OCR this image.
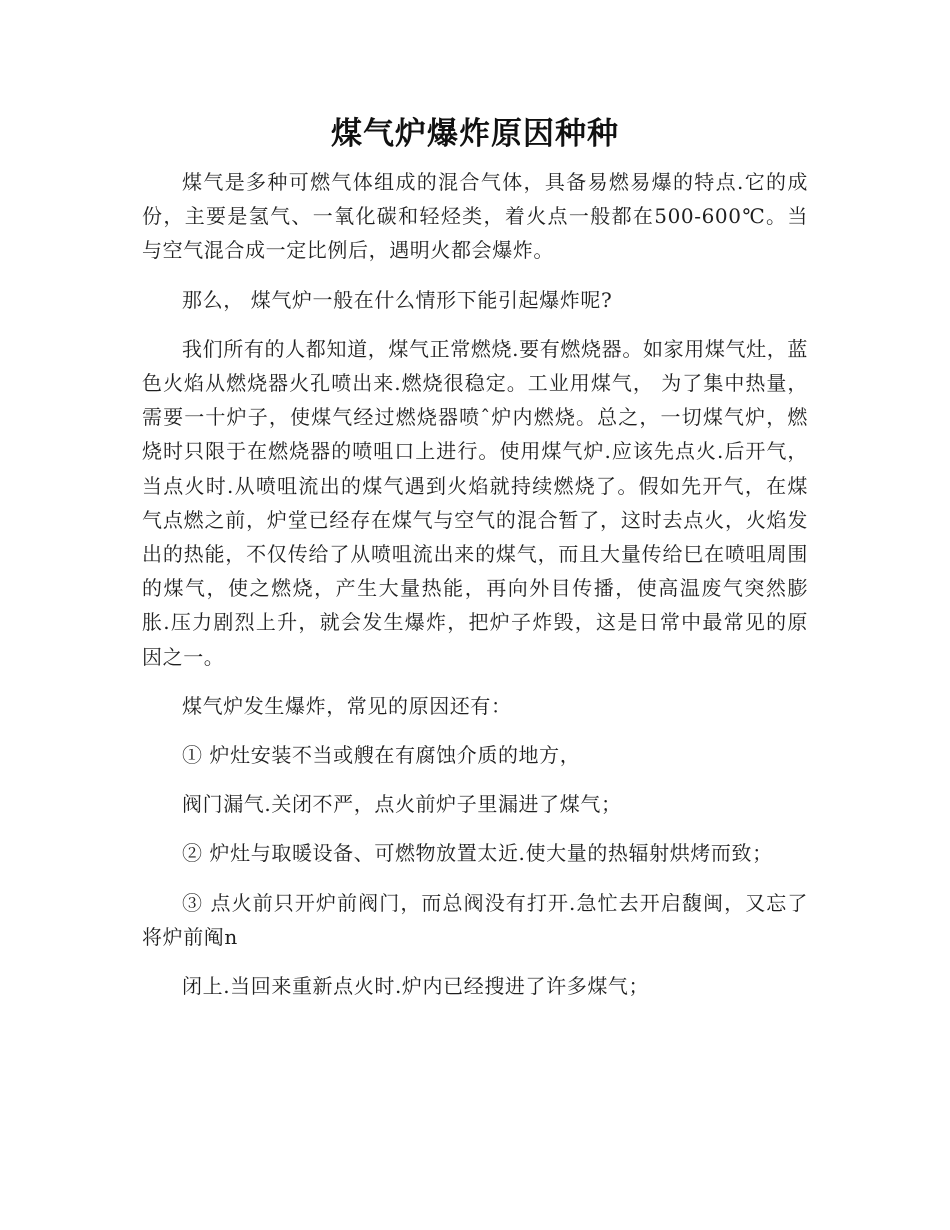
煤气炉爆炸原因种种

煤气是多种可燃气体组成的混合气体，具备易燃易爆的特点.它的成份，主要是氢气、一氧化碳和轻烃类，着火点一般都在500-600℃。当与空气混合成一定比例后，遇明火都会爆炸。

那么， 煤气炉一般在什么情形下能引起爆炸呢?

我们所有的人都知道，煤气正常燃烧.要有燃烧器。如家用煤气灶，蓝色火焰从燃烧器火孔喷出来.燃烧很稳定。工业用煤气， 为了集中热量，需要一十炉子，使煤气经过燃烧器喷ˆ炉内燃烧。总之，一切煤气炉，燃烧时只限于在燃烧器的喷咀口上进行。使用煤气炉.应该先点火.后开气，当点火时.从喷咀流出的煤气遇到火焰就持续燃烧了。假如先开气，在煤气点燃之前，炉堂已经存在煤气与空气的混合暂了，这时去点火，火焰发出的热能，不仅传给了从喷咀流出来的煤气，而且大量传给巳在喷咀周围的煤气，使之燃烧，产生大量热能，再向外目传播，使高温废气突然膨胀.压力剧烈上升，就会发生爆炸，把炉子炸毁，这是日常中最常见的原因之一。

煤气炉发生爆炸，常见的原因还有：

① 炉灶安装不当或艘在有腐蚀介质的地方，

阀门漏气.关闭不严，点火前炉子里漏进了煤气；

② 炉灶与取暖设备、可燃物放置太近.使大量的热辐射烘烤而致；

③ 点火前只开炉前阀门，而总阀没有打开.急忙去开启馥闽，又忘了将炉前阄n

闭上.当回来重新点火时.炉内已经搜进了许多煤气；
